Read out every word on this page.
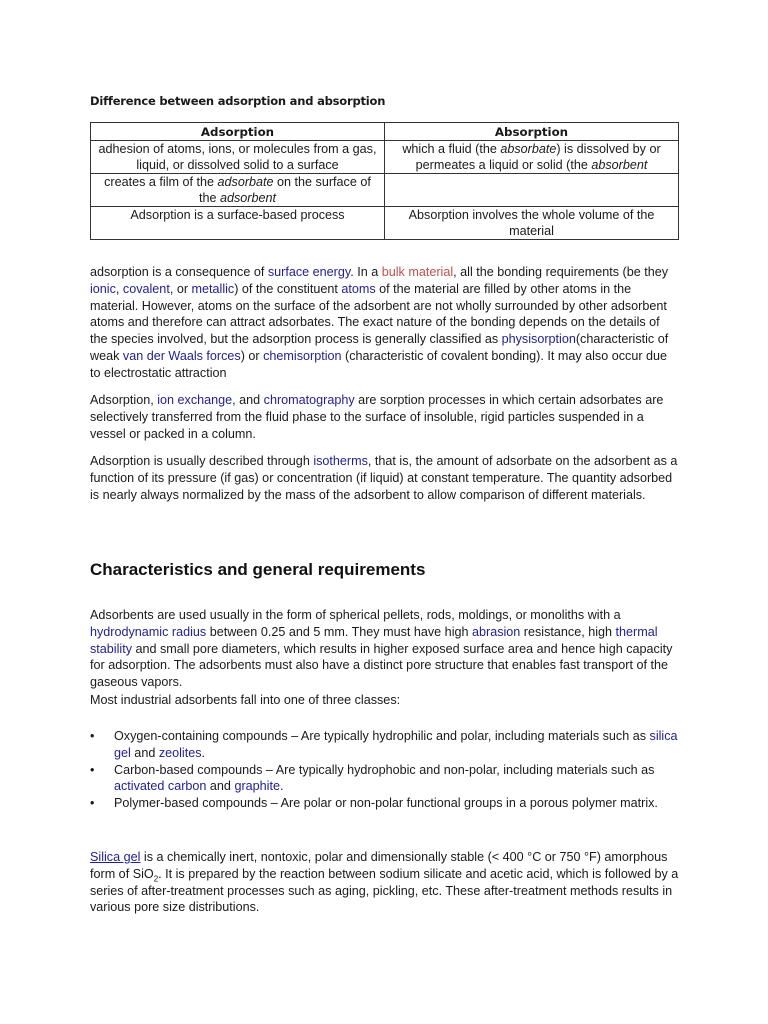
Difference between adsorption and absorption
Adsorption	Absorption
adhesion of atoms, ions, or molecules from a gas, liquid, or dissolved solid to a surface	which a fluid (the absorbate) is dissolved by or permeates a liquid or solid (the absorbent
creates a film of the adsorbate on the surface of the adsorbent	
Adsorption is a surface-based process	Absorption involves the whole volume of the material

adsorption is a consequence of surface energy. In a bulk material, all the bonding requirements (be they ionic, covalent, or metallic) of the constituent atoms of the material are filled by other atoms in the material. However, atoms on the surface of the adsorbent are not wholly surrounded by other adsorbent atoms and therefore can attract adsorbates. The exact nature of the bonding depends on the details of the species involved, but the adsorption process is generally classified as physisorption(characteristic of weak van der Waals forces) or chemisorption (characteristic of covalent bonding). It may also occur due to electrostatic attraction

Adsorption, ion exchange, and chromatography are sorption processes in which certain adsorbates are selectively transferred from the fluid phase to the surface of insoluble, rigid particles suspended in a vessel or packed in a column.

Adsorption is usually described through isotherms, that is, the amount of adsorbate on the adsorbent as a function of its pressure (if gas) or concentration (if liquid) at constant temperature. The quantity adsorbed is nearly always normalized by the mass of the adsorbent to allow comparison of different materials.

Characteristics and general requirements

Adsorbents are used usually in the form of spherical pellets, rods, moldings, or monoliths with a hydrodynamic radius between 0.25 and 5 mm. They must have high abrasion resistance, high thermal stability and small pore diameters, which results in higher exposed surface area and hence high capacity for adsorption. The adsorbents must also have a distinct pore structure that enables fast transport of the gaseous vapors.

Most industrial adsorbents fall into one of three classes:

• Oxygen-containing compounds – Are typically hydrophilic and polar, including materials such as silica gel and zeolites.
• Carbon-based compounds – Are typically hydrophobic and non-polar, including materials such as activated carbon and graphite.
• Polymer-based compounds – Are polar or non-polar functional groups in a porous polymer matrix.

Silica gel is a chemically inert, nontoxic, polar and dimensionally stable (< 400 °C or 750 °F) amorphous form of SiO$_2$. It is prepared by the reaction between sodium silicate and acetic acid, which is followed by a series of after-treatment processes such as aging, pickling, etc. These after-treatment methods results in various pore size distributions.
